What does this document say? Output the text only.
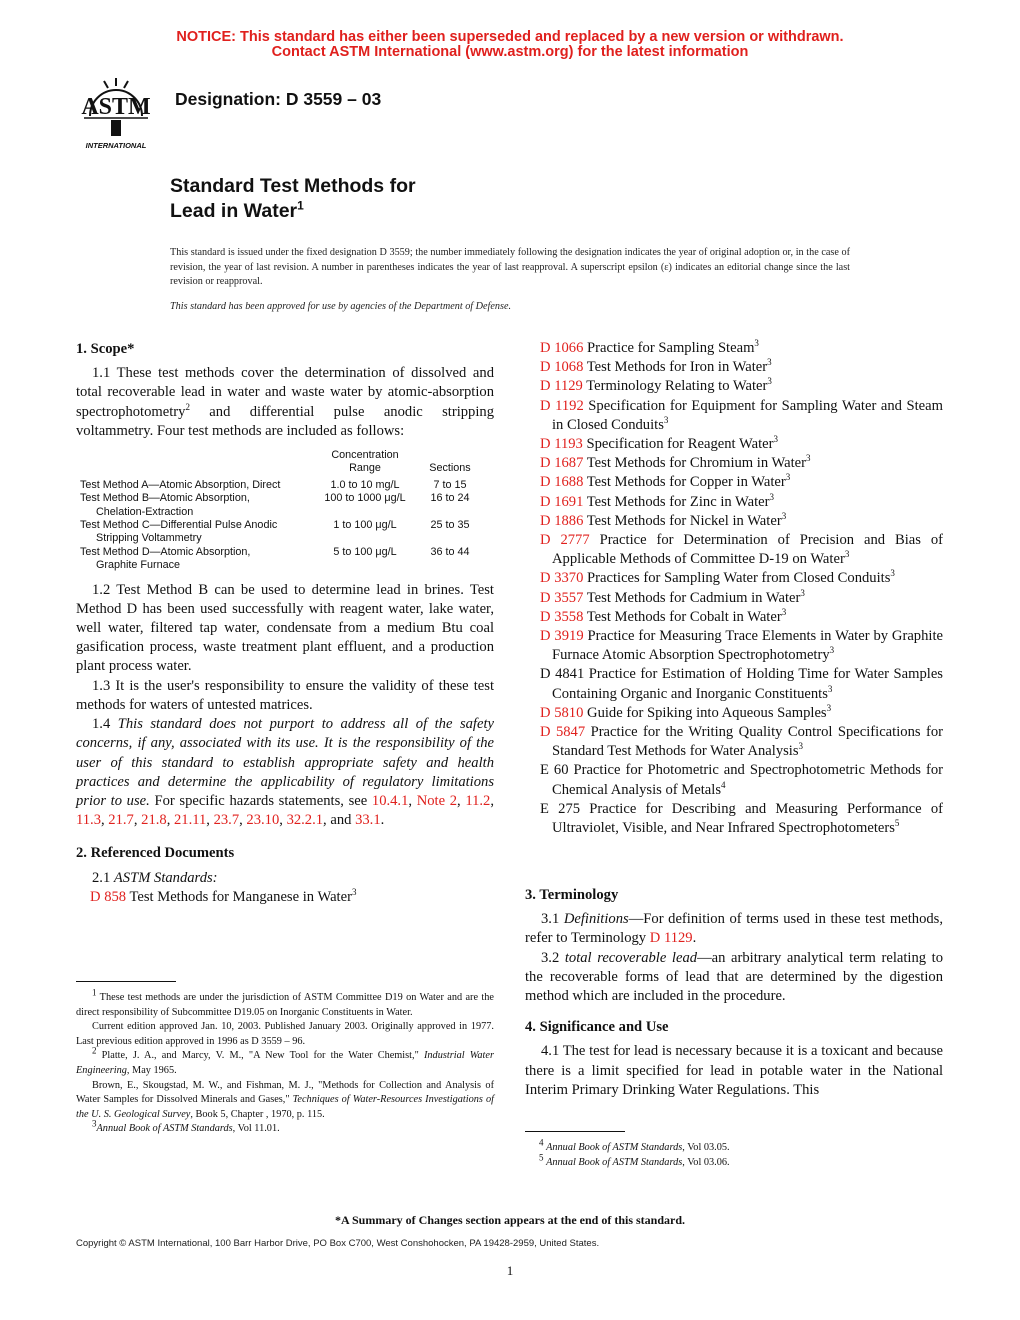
NOTICE: This standard has either been superseded and replaced by a new version or withdrawn.
Contact ASTM International (www.astm.org) for the latest information
ASTM
INTERNATIONAL
Designation: D 3559 – 03
Standard Test Methods for
Lead in Water$^1$
This standard is issued under the fixed designation D 3559; the number immediately following the designation indicates the year of original adoption or, in the case of revision, the year of last revision. A number in parentheses indicates the year of last reapproval. A superscript epsilon (ε) indicates an editorial change since the last revision or reapproval.
This standard has been approved for use by agencies of the Department of Defense.
1. Scope*

1.1 These test methods cover the determination of dissolved and total recoverable lead in water and waste water by atomic-absorption spectrophotometry$^2$ and differential pulse anodic stripping voltammetry. Four test methods are included as follows:

	Concentration
Range	Sections
Test Method A—Atomic Absorption, Direct	1.0 to 10 mg/L	7 to 15

Test Method B—Atomic Absorption,
Chelation-Extraction	100 to 1000 μg/L	16 to 24

Test Method C—Differential Pulse Anodic
Stripping Voltammetry	1 to 100 μg/L	25 to 35

Test Method D—Atomic Absorption,
Graphite Furnace	5 to 100 μg/L	36 to 44

1.2 Test Method B can be used to determine lead in brines. Test Method D has been used successfully with reagent water, lake water, well water, filtered tap water, condensate from a medium Btu coal gasification process, waste treatment plant effluent, and a production plant process water.

1.3 It is the user's responsibility to ensure the validity of these test methods for waters of untested matrices.

1.4 This standard does not purport to address all of the safety concerns, if any, associated with its use. It is the responsibility of the user of this standard to establish appropriate safety and health practices and determine the applicability of regulatory limitations prior to use. For specific hazards statements, see 10.4.1, Note 2, 11.2, 11.3, 21.7, 21.8, 21.11, 23.7, 23.10, 32.2.1, and 33.1.

2. Referenced Documents

2.1 ASTM Standards:

D 858 Test Methods for Manganese in Water$^3$

$^1$ These test methods are under the jurisdiction of ASTM Committee D19 on Water and are the direct responsibility of Subcommittee D19.05 on Inorganic Constituents in Water.

Current edition approved Jan. 10, 2003. Published January 2003. Originally approved in 1977. Last previous edition approved in 1996 as D 3559 – 96.

$^2$ Platte, J. A., and Marcy, V. M., "A New Tool for the Water Chemist," Industrial Water Engineering, May 1965.

Brown, E., Skougstad, M. W., and Fishman, M. J., "Methods for Collection and Analysis of Water Samples for Dissolved Minerals and Gases," Techniques of Water-Resources Investigations of the U. S. Geological Survey, Book 5, Chapter , 1970, p. 115.

$^3$Annual Book of ASTM Standards, Vol 11.01.

D 1066 Practice for Sampling Steam$^3$

D 1068 Test Methods for Iron in Water$^3$

D 1129 Terminology Relating to Water$^3$

D 1192 Specification for Equipment for Sampling Water and Steam in Closed Conduits$^3$

D 1193 Specification for Reagent Water$^3$

D 1687 Test Methods for Chromium in Water$^3$

D 1688 Test Methods for Copper in Water$^3$

D 1691 Test Methods for Zinc in Water$^3$

D 1886 Test Methods for Nickel in Water$^3$

D 2777 Practice for Determination of Precision and Bias of Applicable Methods of Committee D-19 on Water$^3$

D 3370 Practices for Sampling Water from Closed Conduits$^3$

D 3557 Test Methods for Cadmium in Water$^3$

D 3558 Test Methods for Cobalt in Water$^3$

D 3919 Practice for Measuring Trace Elements in Water by Graphite Furnace Atomic Absorption Spectrophotometry$^3$

D 4841 Practice for Estimation of Holding Time for Water Samples Containing Organic and Inorganic Constituents$^3$

D 5810 Guide for Spiking into Aqueous Samples$^3$

D 5847 Practice for the Writing Quality Control Specifications for Standard Test Methods for Water Analysis$^3$

E 60 Practice for Photometric and Spectrophotometric Methods for Chemical Analysis of Metals$^4$

E 275 Practice for Describing and Measuring Performance of Ultraviolet, Visible, and Near Infrared Spectrophotometers$^5$

3. Terminology

3.1 Definitions—For definition of terms used in these test methods, refer to Terminology D 1129.

3.2 total recoverable lead—an arbitrary analytical term relating to the recoverable forms of lead that are determined by the digestion method which are included in the procedure.

4. Significance and Use

4.1 The test for lead is necessary because it is a toxicant and because there is a limit specified for lead in potable water in the National Interim Primary Drinking Water Regulations. This

$^4$ Annual Book of ASTM Standards, Vol 03.05.

$^5$ Annual Book of ASTM Standards, Vol 03.06.

*A Summary of Changes section appears at the end of this standard.
Copyright © ASTM International, 100 Barr Harbor Drive, PO Box C700, West Conshohocken, PA 19428-2959, United States.
1
